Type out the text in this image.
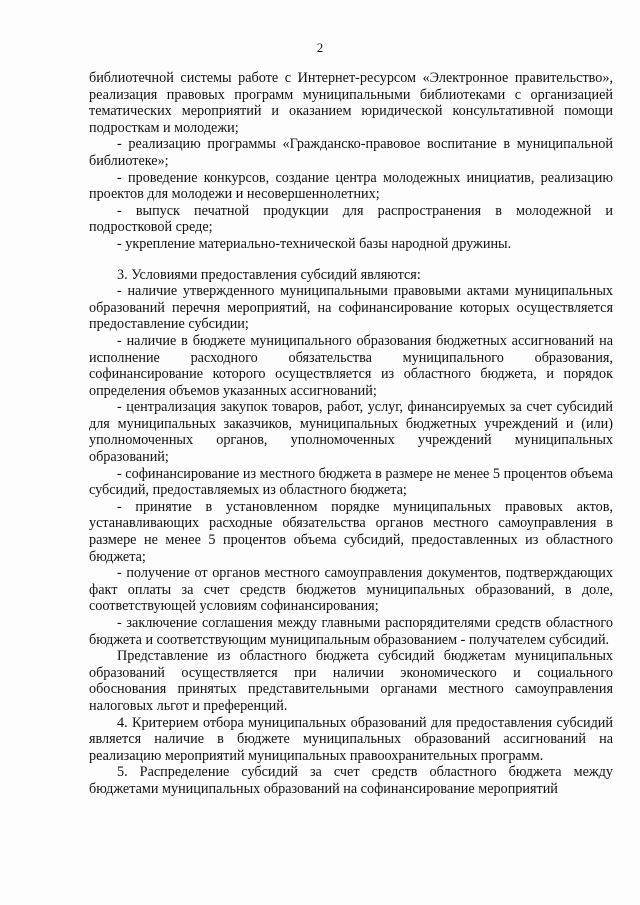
2

библиотечной системы работе с Интернет-ресурсом «Электронное правительство», реализация правовых программ муниципальными библиотеками с организацией тематических мероприятий и оказанием юридической консультативной помощи подросткам и молодежи;

- реализацию программы «Гражданско-правовое воспитание в муниципальной библиотеке»;

- проведение конкурсов, создание центра молодежных инициатив, реализацию проектов для молодежи и несовершеннолетних;

- выпуск печатной продукции для распространения в молодежной и подростковой среде;

- укрепление материально-технической базы народной дружины.

3. Условиями предоставления субсидий являются:

- наличие утвержденного муниципальными правовыми актами муниципальных образований перечня мероприятий, на софинансирование которых осуществляется предоставление субсидии;

- наличие в бюджете муниципального образования бюджетных ассигнований на исполнение расходного обязательства муниципального образования, софинансирование которого осуществляется из областного бюджета, и порядок определения объемов указанных ассигнований;

- централизация закупок товаров, работ, услуг, финансируемых за счет субсидий для муниципальных заказчиков, муниципальных бюджетных учреждений и (или) уполномоченных органов, уполномоченных учреждений муниципальных образований;

- софинансирование из местного бюджета в размере не менее 5 процентов объема субсидий, предоставляемых из областного бюджета;

- принятие в установленном порядке муниципальных правовых актов, устанавливающих расходные обязательства органов местного самоуправления в размере не менее 5 процентов объема субсидий, предоставленных из областного бюджета;

- получение от органов местного самоуправления документов, подтверждающих факт оплаты за счет средств бюджетов муниципальных образований, в доле, соответствующей условиям софинансирования;

- заключение соглашения между главными распорядителями средств областного бюджета и соответствующим муниципальным образованием - получателем субсидий.

Представление из областного бюджета субсидий бюджетам муниципальных образований осуществляется при наличии экономического и социального обоснования принятых представительными органами местного самоуправления налоговых льгот и преференций.

4. Критерием отбора муниципальных образований для предоставления субсидий является наличие в бюджете муниципальных образований ассигнований на реализацию мероприятий муниципальных правоохранительных программ.

5. Распределение субсидий за счет средств областного бюджета между бюджетами муниципальных образований на софинансирование мероприятий
